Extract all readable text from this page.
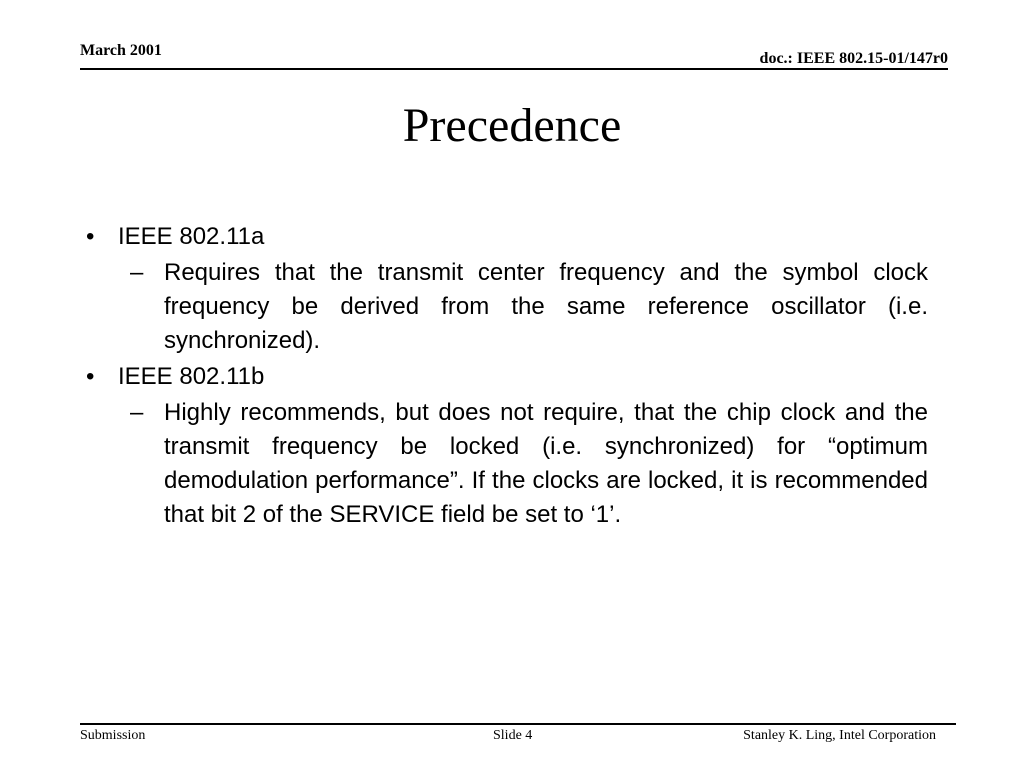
March 2001	doc.: IEEE 802.15-01/147r0
Precedence
• IEEE 802.11a
– Requires that the transmit center frequency and the symbol clock frequency be derived from the same reference oscillator (i.e. synchronized).
• IEEE 802.11b
– Highly recommends, but does not require, that the chip clock and the transmit frequency be locked (i.e. synchronized) for “optimum demodulation performance”. If the clocks are locked, it is recommended that bit 2 of the SERVICE field be set to ‘1’.
Submission	Slide 4	Stanley K. Ling, Intel Corporation
